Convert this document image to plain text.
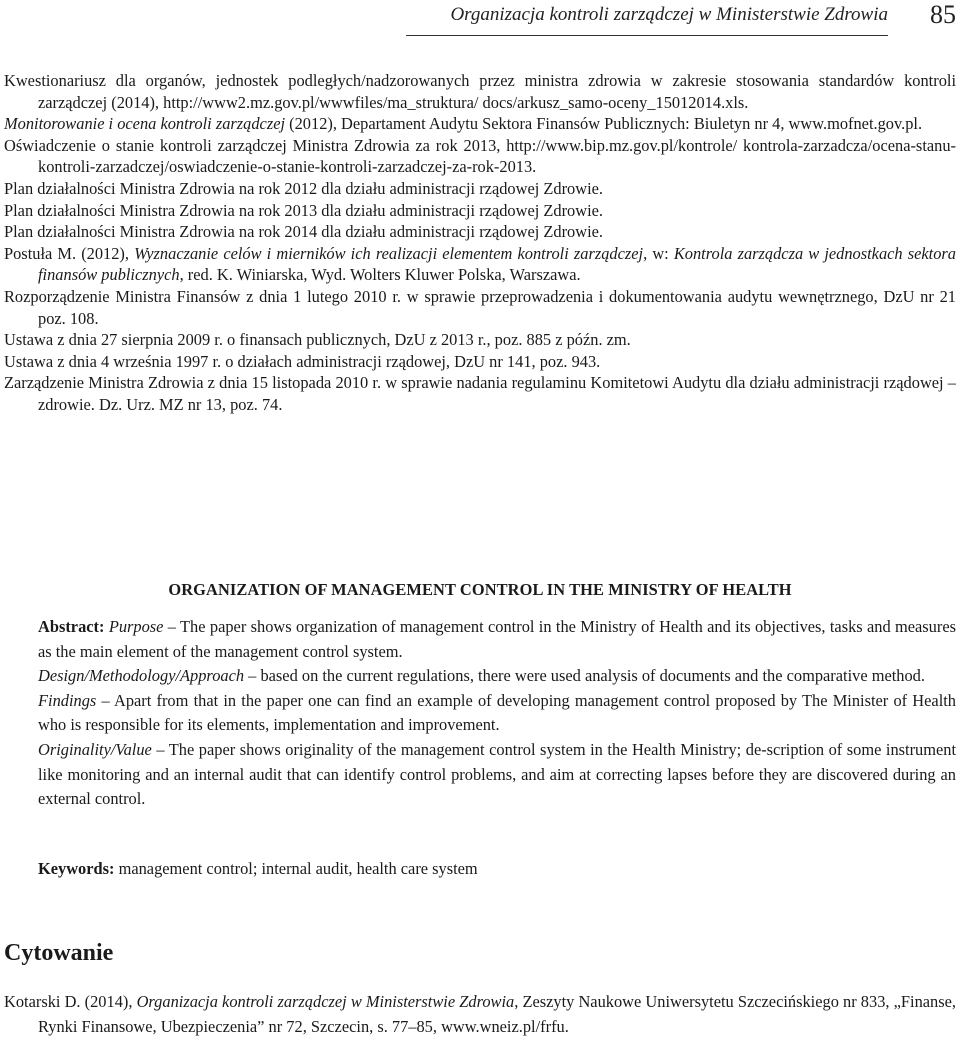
Organizacja kontroli zarządczej w Ministerstwie Zdrowia 85

Kwestionariusz dla organów, jednostek podległych/nadzorowanych przez ministra zdrowia w zakresie stosowania standardów kontroli zarządczej (2014), http://www2.mz.gov.pl/wwwfiles/ma_struktura/ docs/arkusz_samo-oceny_15012014.xls.

Monitorowanie i ocena kontroli zarządczej (2012), Departament Audytu Sektora Finansów Publicznych: Biuletyn nr 4, www.mofnet.gov.pl.

Oświadczenie o stanie kontroli zarządczej Ministra Zdrowia za rok 2013, http://www.bip.mz.gov.pl/kontrole/ kontrola-zarzadcza/ocena-stanu-kontroli-zarzadczej/oswiadczenie-o-stanie-kontroli-zarzadczej-za-rok-2013.

Plan działalności Ministra Zdrowia na rok 2012 dla działu administracji rządowej Zdrowie.

Plan działalności Ministra Zdrowia na rok 2013 dla działu administracji rządowej Zdrowie.

Plan działalności Ministra Zdrowia na rok 2014 dla działu administracji rządowej Zdrowie.

Postuła M. (2012), Wyznaczanie celów i mierników ich realizacji elementem kontroli zarządczej, w: Kontrola zarządcza w jednostkach sektora finansów publicznych, red. K. Winiarska, Wyd. Wolters Kluwer Polska, Warszawa.

Rozporządzenie Ministra Finansów z dnia 1 lutego 2010 r. w sprawie przeprowadzenia i dokumentowania audytu wewnętrznego, DzU nr 21 poz. 108.

Ustawa z dnia 27 sierpnia 2009 r. o finansach publicznych, DzU z 2013 r., poz. 885 z późn. zm.

Ustawa z dnia 4 września 1997 r. o działach administracji rządowej, DzU nr 141, poz. 943.

Zarządzenie Ministra Zdrowia z dnia 15 listopada 2010 r. w sprawie nadania regulaminu Komitetowi Audytu dla działu administracji rządowej – zdrowie. Dz. Urz. MZ nr 13, poz. 74.

ORGANIZATION OF MANAGEMENT CONTROL IN THE MINISTRY OF HEALTH

Abstract: Purpose – The paper shows organization of management control in the Ministry of Health and its objectives, tasks and measures as the main element of the management control system.

Design/Methodology/Approach – based on the current regulations, there were used analysis of documents and the comparative method.

Findings – Apart from that in the paper one can find an example of developing management control proposed by The Minister of Health who is responsible for its elements, implementation and improvement.

Originality/Value – The paper shows originality of the management control system in the Health Ministry; de-scription of some instrument like monitoring and an internal audit that can identify control problems, and aim at correcting lapses before they are discovered during an external control.

Keywords: management control; internal audit, health care system
Cytowanie

Kotarski D. (2014), Organizacja kontroli zarządczej w Ministerstwie Zdrowia, Zeszyty Naukowe Uniwersytetu Szczecińskiego nr 833, „Finanse, Rynki Finansowe, Ubezpieczenia” nr 72, Szczecin, s. 77–85, www.wneiz.pl/frfu.
